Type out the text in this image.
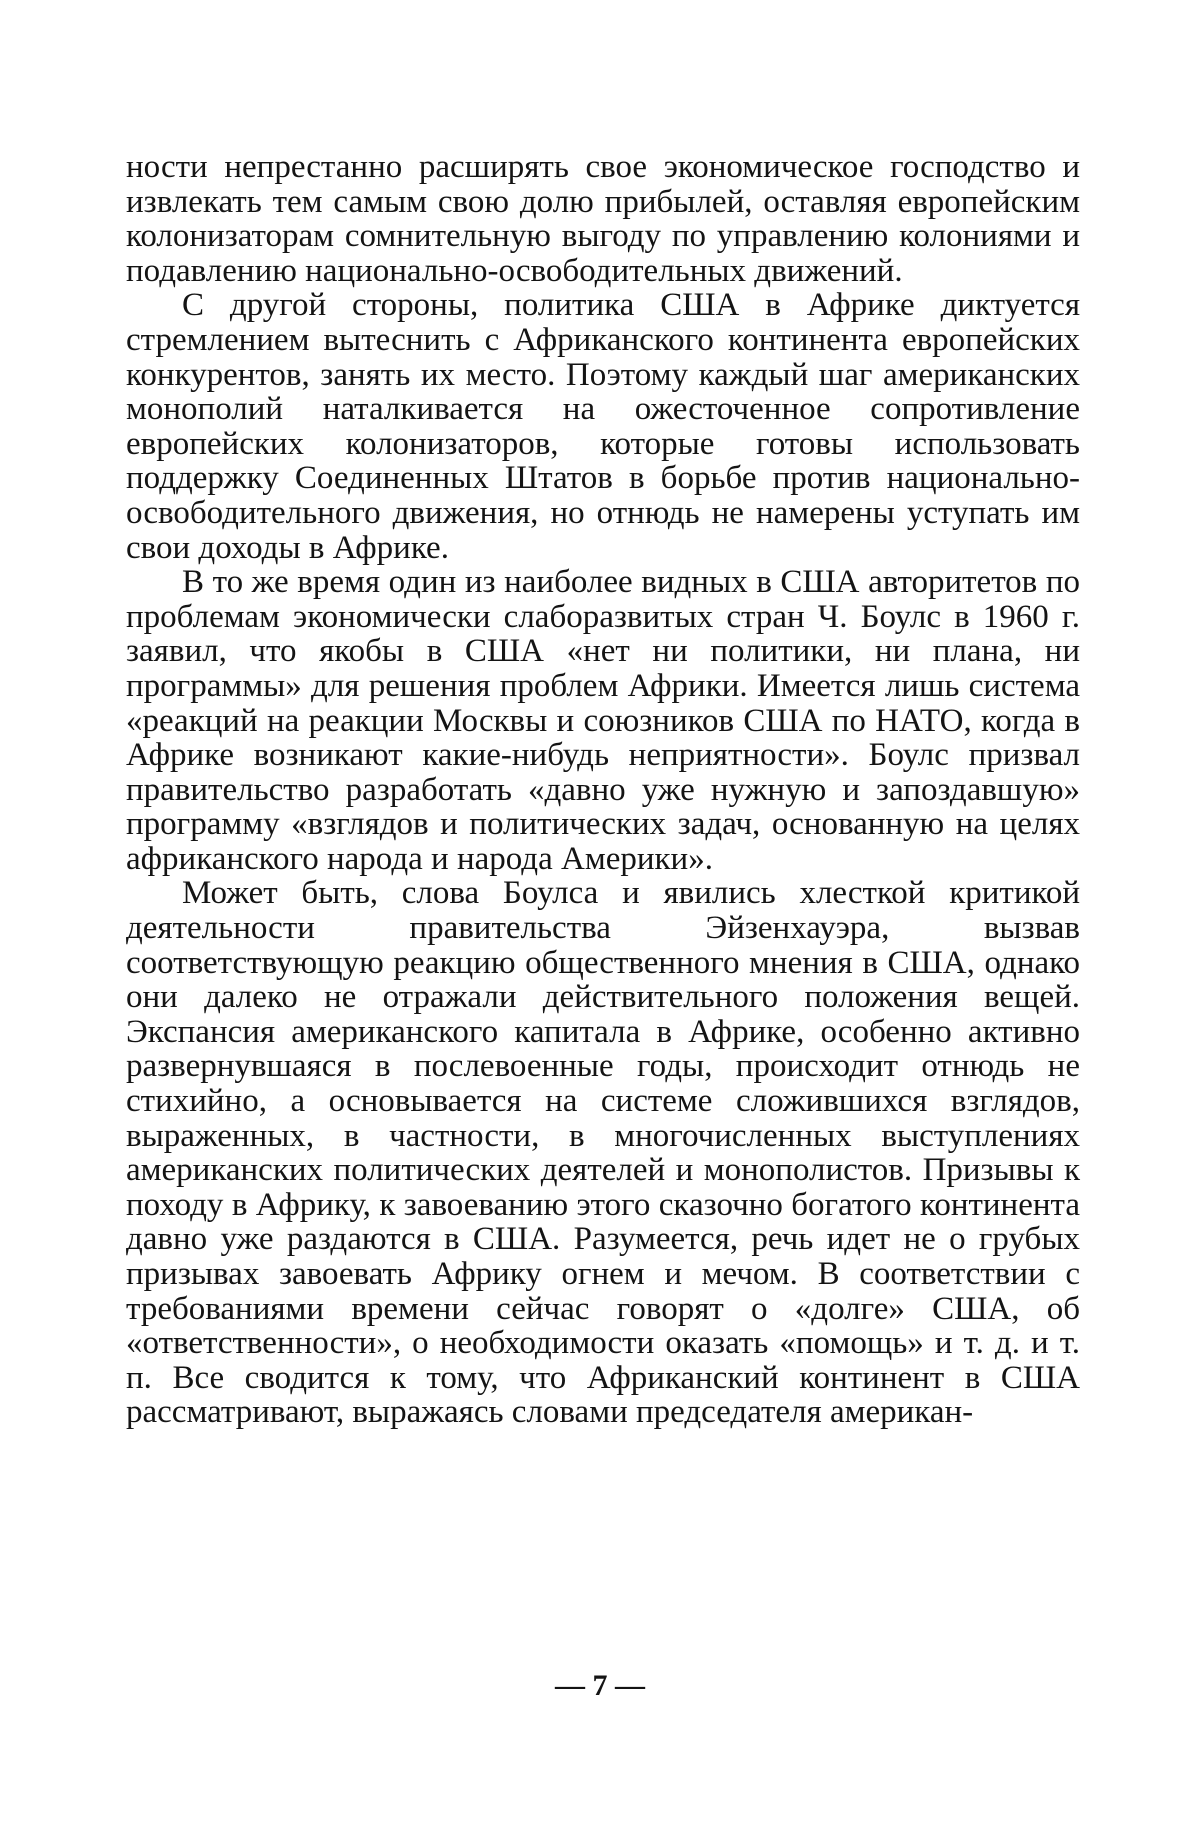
ности непрестанно расширять свое экономическое господство и извлекать тем самым свою долю прибылей, оставляя европейским колонизаторам сомнительную выгоду по управлению колониями и подавлению национально-освободительных движений.

С другой стороны, политика США в Африке диктуется стремлением вытеснить с Африканского континента европейских конкурентов, занять их место. Поэтому каждый шаг американских монополий наталкивается на ожесточенное сопротивление европейских колонизаторов, которые готовы использовать поддержку Соединенных Штатов в борьбе против национально-освободительного движения, но отнюдь не намерены уступать им свои доходы в Африке.

В то же время один из наиболее видных в США авторитетов по проблемам экономически слаборазвитых стран Ч. Боулс в 1960 г. заявил, что якобы в США «нет ни политики, ни плана, ни программы» для решения проблем Африки. Имеется лишь система «реакций на реакции Москвы и союзников США по НАТО, когда в Африке возникают какие-нибудь неприятности». Боулс призвал правительство разработать «давно уже нужную и запоздавшую» программу «взглядов и политических задач, основанную на целях африканского народа и народа Америки».

Может быть, слова Боулса и явились хлесткой критикой деятельности правительства Эйзенхауэра, вызвав соответствующую реакцию общественного мнения в США, однако они далеко не отражали действительного положения вещей. Экспансия американского капитала в Африке, особенно активно развернувшаяся в послевоенные годы, происходит отнюдь не стихийно, а основывается на системе сложившихся взглядов, выраженных, в частности, в многочисленных выступлениях американских политических деятелей и монополистов. Призывы к походу в Африку, к завоеванию этого сказочно богатого континента давно уже раздаются в США. Разумеется, речь идет не о грубых призывах завоевать Африку огнем и мечом. В соответствии с требованиями времени сейчас говорят о «долге» США, об «ответственности», о необходимости оказать «помощь» и т. д. и т. п. Все сводится к тому, что Африканский континент в США рассматривают, выражаясь словами председателя американ-

— 7 —
